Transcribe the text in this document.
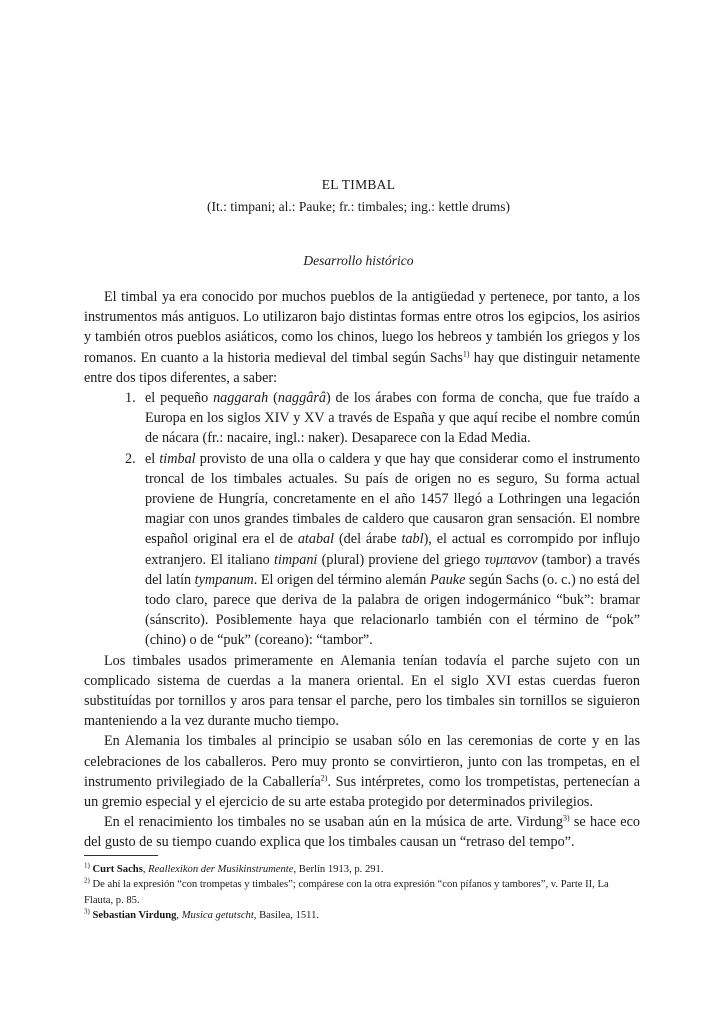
EL TIMBAL
(It.: timpani; al.: Pauke; fr.: timbales; ing.: kettle drums)
Desarrollo histórico

El timbal ya era conocido por muchos pueblos de la antigüedad y pertenece, por tanto, a los instrumentos más antiguos. Lo utilizaron bajo distintas formas entre otros los egipcios, los asirios y también otros pueblos asiáticos, como los chinos, luego los hebreos y también los griegos y los romanos. En cuanto a la historia medieval del timbal según Sachs$^{1)}$ hay que distinguir netamente entre dos tipos diferentes, a saber:

1. el pequeño naggarah (naggârâ) de los árabes con forma de concha, que fue traído a Europa en los siglos XIV y XV a través de España y que aquí recibe el nombre común de nácara (fr.: nacaire, ingl.: naker). Desaparece con la Edad Media.
2. el timbal provisto de una olla o caldera y que hay que considerar como el instrumento troncal de los timbales actuales. Su país de origen no es seguro, Su forma actual proviene de Hungría, concretamente en el año 1457 llegó a Lothringen una legación magiar con unos grandes timbales de caldero que causaron gran sensación. El nombre español original era el de atabal (del árabe tabl), el actual es corrompido por influjo extranjero. El italiano timpani (plural) proviene del griego τυμπανον (tambor) a través del latín tympanum. El origen del término alemán Pauke según Sachs (o. c.) no está del todo claro, parece que deriva de la palabra de origen indogermánico “buk”: bramar (sánscrito). Posiblemente haya que relacionarlo también con el término de “pok” (chino) o de “puk” (coreano): “tambor”.

Los timbales usados primeramente en Alemania tenían todavía el parche sujeto con un complicado sistema de cuerdas a la manera oriental. En el siglo XVI estas cuerdas fueron substituídas por tornillos y aros para tensar el parche, pero los timbales sin tornillos se siguieron manteniendo a la vez durante mucho tiempo.

En Alemania los timbales al principio se usaban sólo en las ceremonias de corte y en las celebraciones de los caballeros. Pero muy pronto se convirtieron, junto con las trompetas, en el instrumento privilegiado de la Caballería$^{2)}$. Sus intérpretes, como los trompetistas, pertenecían a un gremio especial y el ejercicio de su arte estaba protegido por determinados privilegios.

En el renacimiento los timbales no se usaban aún en la música de arte. Virdung$^{3)}$ se hace eco del gusto de su tiempo cuando explica que los timbales causan un “retraso del tempo”.

$^{1)}$ Curt Sachs, Reallexikon der Musikinstrumente, Berlín 1913, p. 291.

$^{2)}$ De ahí la expresión “con trompetas y timbales”; compárese con la otra expresión “con pífanos y tambores”, v. Parte II, La Flauta, p. 85.

$^{3)}$ Sebastian Virdung, Musica getutscht, Basilea, 1511.
